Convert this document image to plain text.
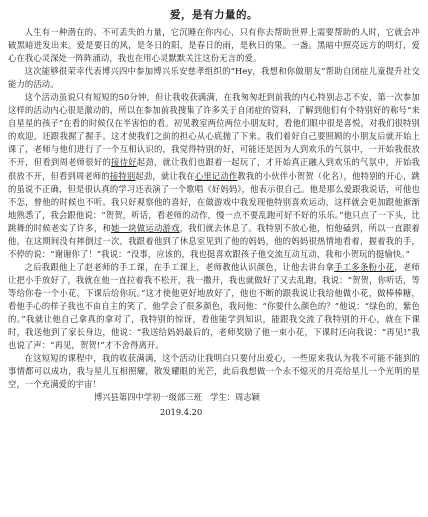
爱，是有力量的。

人生有一种潜在的、不可丢失的力量，它沉睡在你内心，只有你去帮助世界上需要帮助的人时，它就会冲破黑暗进发出来。爱是要日的风，是冬日的阳，是春日的雨，是秋日的果。一盏。黑暗中照亮远方的明灯，爱心在我心灵深处一阵阵涌动，我也在用心灵默默关注这份无言的爱。

这次能够很荣幸代表博兴四中参加博兴乐安慈孝组织的“Hey，我想和你做朋友”帮助自闭症儿童提升社交能力的活动。

这个活动虽说只有短短的50分钟，但让我收获满满，在我匆匆赶到前我的内心特别忐忑不安，第一次参加这样的活动内心很是激动的，所以在参加前我搜集了许多关于自闭症的资料，了解到他们有个特别好的称号“来自星星的孩子”在看的时候仅在半害怕的看。初见教室两位两位小朋友时，看他们眼中很是喜悦，对我们很特别的欢迎，还跟我握了握手。这才使我们之前的担心从心底抛了下来。我们着好自己要照顾的小朋友后就开始上课了，老师与他们进行了一个互相认识的，我觉得特别的好，可能还是因为人到欢乐的气氛中，一开始我很放不开，但看到周老师很好的接待好起劲，就让我们也跟着一起玩了，才开始真正融入到欢乐的气氛中，开始我很放不开，但看到周老师的接特别起劲，就让我在心里记动作教我的小伙伴小贺贺（化名），他特别的开心，跳的虽说不正确，但是很认真的学习还表演了一个歌唱《好妈妈》，他表示很自己。他是那么爱跟我说话，可他也不怎，曾他的时候也不听。我只好观察他的喜好，在做游戏中我发现他特别喜欢运动，这样就会更加跟他渐渐地熟悉了，我会跟他说：“贺贺，听话，看老师的动作，慢一点不要乱跑可好不好的乐乐。”他只点了一下头，比跳舞的时候老实了许多，和她一块做运动游戏，我们就去休息了。我特别不放心他，怕他磕到，所以一直跟着他，在这期间没有摔倒过一次，我跟着他到了休息室见到了他的妈妈，他的妈妈很热情地看着，握着我的手，不停的说：“谢谢你了！”我说：“没事，应该的，我也挺喜欢跟孩子他交流互动互动，我和小贺玩的挺愉快。”

之后我跟他上了赵老师的手工课，在手工课上，老师教他认识颜色，让他去讲台拿手工多条粉小花，老师让把小手放好了，我就在他一直拉着我不松开，我一撒开，我也就做好了又去乱跑，我说：“贺贺，你听话，等等给你卷一个小花，下课后给你玩。”这才使他更好地放好了，他也不断的跟我说让我给他做小花，做棒棒糖，看他手心的样子我也不由自主的笑了，他学会了很多颜色，我问他：“你要什么颜色的？”他说：“绿色的，紫色的。”我就让他自己拿真的拿对了，我特别的惊讶，看他能学到知识，能跟我交流了我特别的开心，就在下课时，我送他到了家长身边，他说：“我送给妈妈最后的，老师奖励了他一束小花，下课时还向我说：“再见!”我也说了声：“再见，贺贺!”才不舍得离开。

在这短短的课程中，我的收获满满，这个活动让我明白只要付出爱心，一些原来我认为我不可能不能到的事情都可以成功，我与星儿互相照耀，散发耀眼的光芒，此后我想做一个永不熄灭的月亮给星儿一个光明的星空，一个充满爱的宇宙！

博兴县第四中学初一级部三班　学生：周志颖

2019.4.20
